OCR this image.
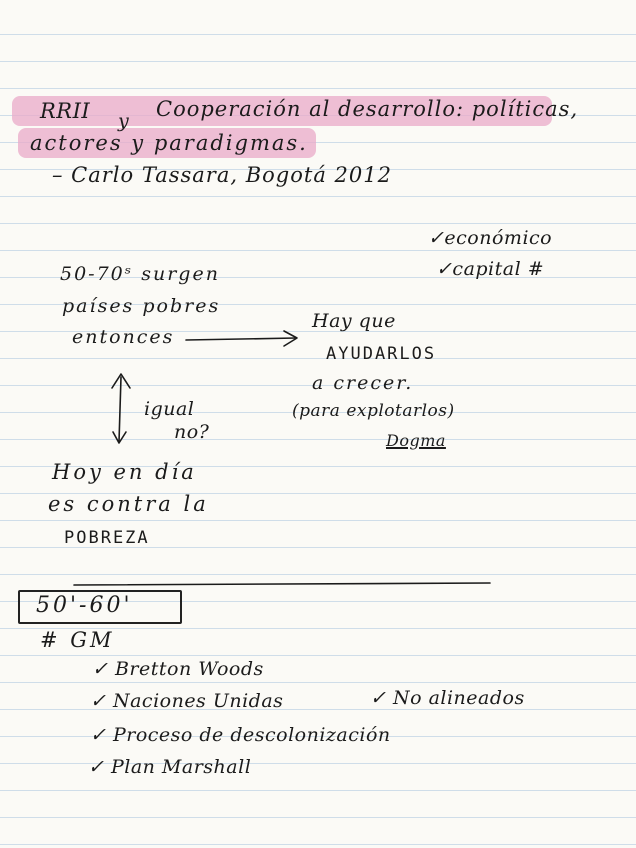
RRII y Cooperación al desarrollo: políticas,
actores y paradigmas.
– Carlo Tassara, Bogotá 2012
✓económico
✓capital #
50-70ˢ surgen
países pobres
entonces
Hay que
AYUDARLOS
a crecer.
(para explotarlos)
Dogma
igual
no?
Hoy en día
es contra la
POBREZA
50'-60'
# GM
✓ Bretton Woods
✓ Naciones Unidas	✓ No alineados
✓ Proceso de descolonización
✓ Plan Marshall
